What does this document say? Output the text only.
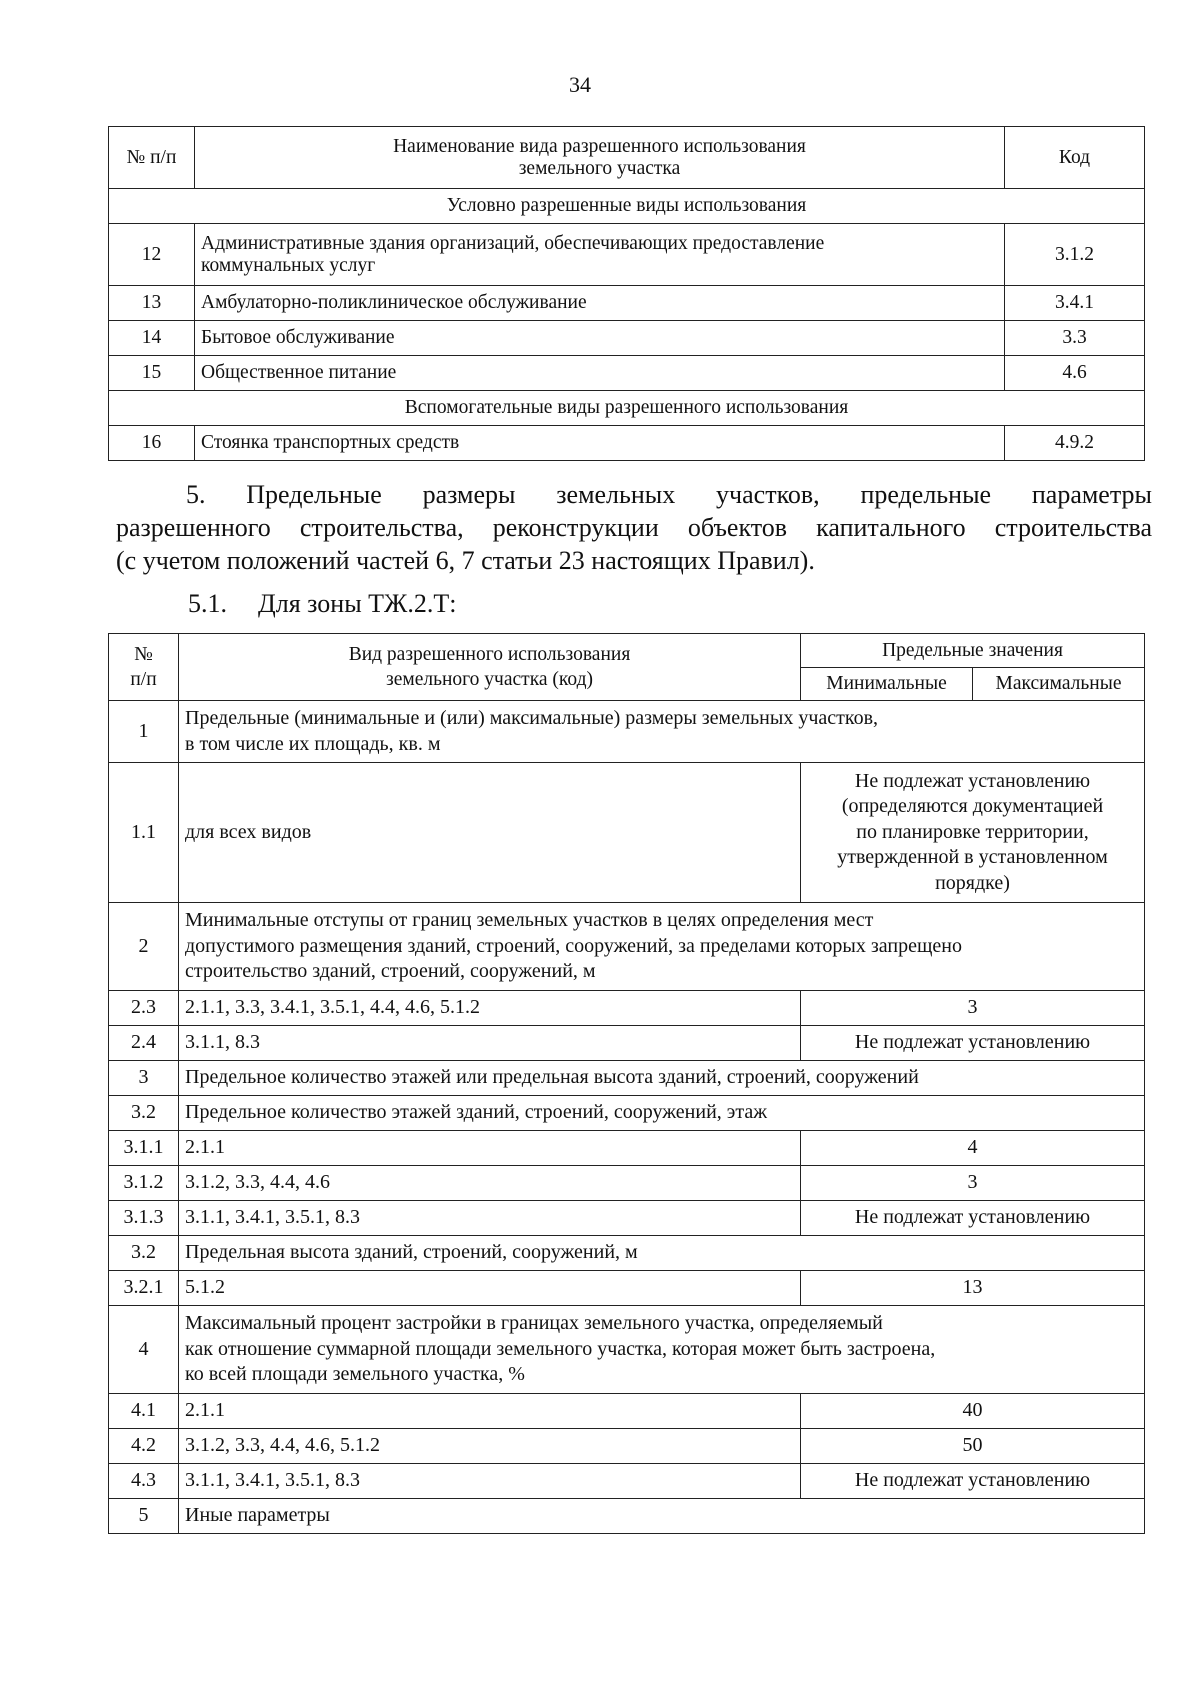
34
№ п/п	Наименование вида разрешенного использования
земельного участка	Код
Условно разрешенные виды использования		
12	Административные здания организаций, обеспечивающих предоставление
коммунальных услуг	3.1.2
13	Амбулаторно-поликлиническое обслуживание	3.4.1
14	Бытовое обслуживание	3.3
15	Общественное питание	4.6
Вспомогательные виды разрешенного использования		
16	Стоянка транспортных средств	4.9.2
5. Предельные размеры земельных участков, предельные параметры
разрешенного строительства, реконструкции объектов капитального строительства
(с учетом положений частей 6, 7 статьи 23 настоящих Правил).
5.1. Для зоны ТЖ.2.Т:
№
п/п	Вид разрешенного использования
земельного участка (код)	Предельные значения	
		Минимальные	Максимальные
1	Предельные (минимальные и (или) максимальные) размеры земельных участков,
в том числе их площадь, кв. м		
1.1	для всех видов	Не подлежат установлению
(определяются документацией
по планировке территории,
утвержденной в установленном
порядке)	
2	Минимальные отступы от границ земельных участков в целях определения мест
допустимого размещения зданий, строений, сооружений, за пределами которых запрещено
строительство зданий, строений, сооружений, м		
2.3	2.1.1, 3.3, 3.4.1, 3.5.1, 4.4, 4.6, 5.1.2	3	
2.4	3.1.1, 8.3	Не подлежат установлению	
3	Предельное количество этажей или предельная высота зданий, строений, сооружений		
3.2	Предельное количество этажей зданий, строений, сооружений, этаж		
3.1.1	2.1.1	4	
3.1.2	3.1.2, 3.3, 4.4, 4.6	3	
3.1.3	3.1.1, 3.4.1, 3.5.1, 8.3	Не подлежат установлению	
3.2	Предельная высота зданий, строений, сооружений, м		
3.2.1	5.1.2	13	
4	Максимальный процент застройки в границах земельного участка, определяемый
как отношение суммарной площади земельного участка, которая может быть застроена,
ко всей площади земельного участка, %		
4.1	2.1.1	40	
4.2	3.1.2, 3.3, 4.4, 4.6, 5.1.2	50	
4.3	3.1.1, 3.4.1, 3.5.1, 8.3	Не подлежат установлению	
5	Иные параметры		
